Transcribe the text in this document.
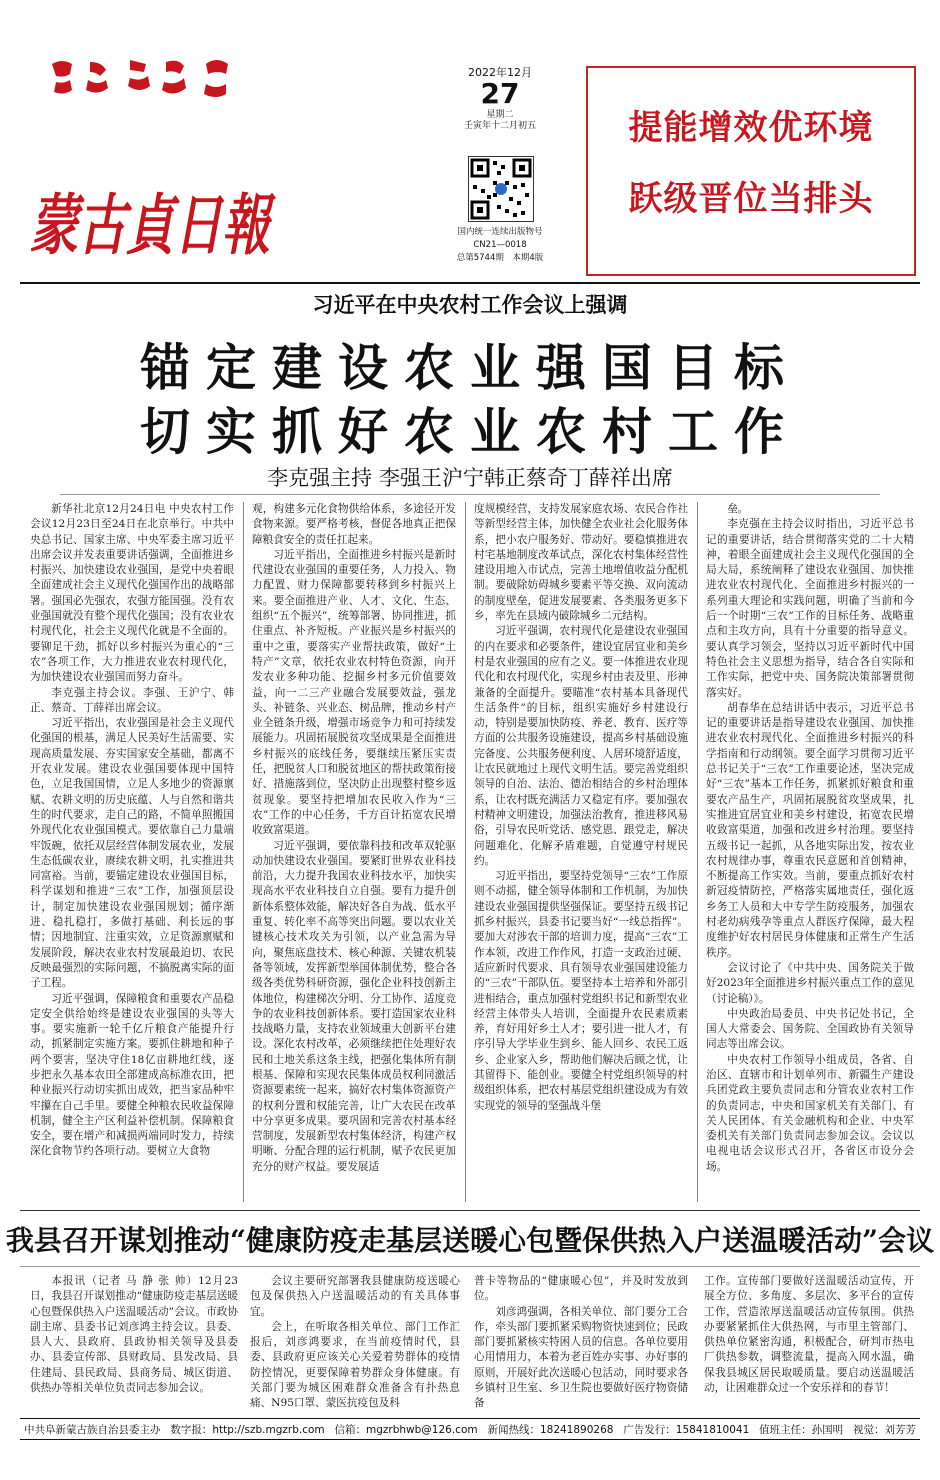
蒙古貞日報
2022年12月
27
星期二
壬寅年十二月初五
国内统一连续出版物号
CN21—0018
总第5744期　本期4版
提能增效优环境
跃级晋位当排头
习近平在中央农村工作会议上强调
锚定建设农业强国目标
切实抓好农业农村工作
李克强主持 李强王沪宁韩正蔡奇丁薛祥出席

新华社北京12月24日电 中央农村工作会议12月23日至24日在北京举行。中共中央总书记、国家主席、中央军委主席习近平出席会议并发表重要讲话强调，全面推进乡村振兴、加快建设农业强国，是党中央着眼全面建成社会主义现代化强国作出的战略部署。强国必先强农，农强方能国强。没有农业强国就没有整个现代化强国；没有农业农村现代化，社会主义现代化就是不全面的。要铆足干劲，抓好以乡村振兴为重心的“三农”各项工作，大力推进农业农村现代化，为加快建设农业强国而努力奋斗。

李克强主持会议。李强、王沪宁、韩正、蔡奇、丁薛祥出席会议。

习近平指出，农业强国是社会主义现代化强国的根基，满足人民美好生活需要、实现高质量发展、夯实国家安全基础，都离不开农业发展。建设农业强国要体现中国特色，立足我国国情，立足人多地少的资源禀赋、农耕文明的历史底蕴、人与自然和谐共生的时代要求，走自己的路，不简单照搬国外现代化农业强国模式。要依靠自己力量端牢饭碗，依托双层经营体制发展农业，发展生态低碳农业，赓续农耕文明，扎实推进共同富裕。当前，要锚定建设农业强国目标，科学谋划和推进“三农”工作，加强顶层设计，制定加快建设农业强国规划；循序渐进、稳扎稳打，多做打基础、利长远的事情；因地制宜、注重实效，立足资源禀赋和发展阶段，解决农业农村发展最迫切、农民反映最强烈的实际问题，不搞脱离实际的面子工程。

习近平强调，保障粮食和重要农产品稳定安全供给始终是建设农业强国的头等大事。要实施新一轮千亿斤粮食产能提升行动，抓紧制定实施方案。要抓住耕地和种子两个要害，坚决守住18亿亩耕地红线，逐步把永久基本农田全部建成高标准农田，把种业振兴行动切实抓出成效，把当家品种牢牢攥在自己手里。要健全种粮农民收益保障机制，健全主产区利益补偿机制。保障粮食安全，要在增产和减损两端同时发力，持续深化食物节约各项行动。要树立大食物

观，构建多元化食物供给体系，多途径开发食物来源。要严格考核，督促各地真正把保障粮食安全的责任扛起来。

习近平指出，全面推进乡村振兴是新时代建设农业强国的重要任务，人力投入、物力配置、财力保障都要转移到乡村振兴上来。要全面推进产业、人才、文化、生态、组织“五个振兴”，统筹部署、协同推进，抓住重点、补齐短板。产业振兴是乡村振兴的重中之重，要落实产业帮扶政策，做好“土特产”文章，依托农业农村特色资源，向开发农业多种功能、挖掘乡村多元价值要效益，向一二三产业融合发展要效益，强龙头、补链条、兴业态、树品牌，推动乡村产业全链条升级，增强市场竞争力和可持续发展能力。巩固拓展脱贫攻坚成果是全面推进乡村振兴的底线任务，要继续压紧压实责任，把脱贫人口和脱贫地区的帮扶政策衔接好、措施落到位，坚决防止出现整村整乡返贫现象。要坚持把增加农民收入作为“三农”工作的中心任务，千方百计拓宽农民增收致富渠道。

习近平强调，要依靠科技和改革双轮驱动加快建设农业强国。要紧盯世界农业科技前沿，大力提升我国农业科技水平，加快实现高水平农业科技自立自强。要有力提升创新体系整体效能，解决好各自为战、低水平重复、转化率不高等突出问题。要以农业关键核心技术攻关为引领，以产业急需为导向，聚焦底盘技术、核心种源、关键农机装备等领域，发挥新型举国体制优势，整合各级各类优势科研资源，强化企业科技创新主体地位，构建梯次分明、分工协作、适度竞争的农业科技创新体系。要打造国家农业科技战略力量，支持农业领域重大创新平台建设。深化农村改革，必须继续把住处理好农民和土地关系这条主线，把强化集体所有制根基、保障和实现农民集体成员权利同激活资源要素统一起来，搞好农村集体资源资产的权利分置和权能完善，让广大农民在改革中分享更多成果。要巩固和完善农村基本经营制度，发展新型农村集体经济，构建产权明晰、分配合理的运行机制，赋予农民更加充分的财产权益。要发展适

度规模经营，支持发展家庭农场、农民合作社等新型经营主体，加快健全农业社会化服务体系，把小农户服务好、带动好。要稳慎推进农村宅基地制度改革试点，深化农村集体经营性建设用地入市试点，完善土地增值收益分配机制。要破除妨碍城乡要素平等交换、双向流动的制度壁垒，促进发展要素、各类服务更多下乡，率先在县域内破除城乡二元结构。

习近平强调，农村现代化是建设农业强国的内在要求和必要条件，建设宜居宜业和美乡村是农业强国的应有之义。要一体推进农业现代化和农村现代化，实现乡村由表及里、形神兼备的全面提升。要瞄准“农村基本具备现代生活条件”的目标，组织实施好乡村建设行动，特别是要加快防疫、养老、教育、医疗等方面的公共服务设施建设，提高乡村基础设施完备度、公共服务便利度、人居环境舒适度，让农民就地过上现代文明生活。要完善党组织领导的自治、法治、德治相结合的乡村治理体系，让农村既充满活力又稳定有序。要加强农村精神文明建设，加强法治教育，推进移风易俗，引导农民听党话、感党恩、跟党走，解决问题难化、化解矛盾难题，自觉遵守村规民约。

习近平指出，要坚持党领导“三农”工作原则不动摇，健全领导体制和工作机制，为加快建设农业强国提供坚强保证。要坚持五级书记抓乡村振兴，县委书记要当好“一线总指挥”。要加大对涉农干部的培训力度，提高“三农”工作本领，改进工作作风，打造一支政治过硬、适应新时代要求、具有领导农业强国建设能力的“三农”干部队伍。要坚持本土培养和外部引进相结合，重点加强村党组织书记和新型农业经营主体带头人培训，全面提升农民素质素养，育好用好乡土人才；要引进一批人才，有序引导大学毕业生到乡、能人回乡、农民工返乡、企业家入乡，帮助他们解决后顾之忧，让其留得下、能创业。要健全村党组织领导的村级组织体系，把农村基层党组织建设成为有效实现党的领导的坚强战斗堡

垒。

李克强在主持会议时指出，习近平总书记的重要讲话，结合贯彻落实党的二十大精神，着眼全面建成社会主义现代化强国的全局大局，系统阐释了建设农业强国、加快推进农业农村现代化、全面推进乡村振兴的一系列重大理论和实践问题，明确了当前和今后一个时期“三农”工作的目标任务、战略重点和主攻方向，具有十分重要的指导意义。要认真学习领会，坚持以习近平新时代中国特色社会主义思想为指导，结合各自实际和工作实际，把党中央、国务院决策部署贯彻落实好。

胡春华在总结讲话中表示，习近平总书记的重要讲话是指导建设农业强国、加快推进农业农村现代化、全面推进乡村振兴的科学指南和行动纲领。要全面学习贯彻习近平总书记关于“三农”工作重要论述，坚决完成好“三农”基本工作任务，抓紧抓好粮食和重要农产品生产，巩固拓展脱贫攻坚成果，扎实推进宜居宜业和美乡村建设，拓宽农民增收致富渠道，加强和改进乡村治理。要坚持五级书记一起抓，从各地实际出发，按农业农村规律办事，尊重农民意愿和首创精神，不断提高工作实效。当前，要重点抓好农村新冠疫情防控，严格落实属地责任，强化返乡务工人员和大中专学生防疫服务，加强农村老幼病残孕等重点人群医疗保障，最大程度维护好农村居民身体健康和正常生产生活秩序。

会议讨论了《中共中央、国务院关于做好2023年全面推进乡村振兴重点工作的意见（讨论稿）》。

中央政治局委员、中央书记处书记，全国人大常委会、国务院、全国政协有关领导同志等出席会议。

中央农村工作领导小组成员，各省、自治区、直辖市和计划单列市、新疆生产建设兵团党政主要负责同志和分管农业农村工作的负责同志，中央和国家机关有关部门、有关人民团体、有关金融机构和企业、中央军委机关有关部门负责同志参加会议。会议以电视电话会议形式召开，各省区市设分会场。

我县召开谋划推动“健康防疫走基层送暖心包暨保供热入户送温暖活动”会议

本报讯（记者 马 静 张 帅）12月23日，我县召开谋划推动“健康防疫走基层送暖心包暨保供热入户送温暖活动”会议。市政协副主席、县委书记刘彦鸿主持会议。县委、县人大、县政府、县政协相关领导及县委办、县委宣传部、县财政局、县发改局、县住建局、县民政局、县商务局、城区街道、供热办等相关单位负责同志参加会议。

会议主要研究部署我县健康防疫送暖心包及保供热入户送温暖活动的有关具体事宜。

会上，在听取各相关单位、部门工作汇报后，刘彦鸿要求，在当前疫情时代，县委、县政府更应该关心关爱着势群体的疫情防控情况，更要保障着势群众身体健康。有关部门要为城区困难群众准备含有扑热息痛、N95口罩、蒙医抗疫包及科

普卡等物品的“健康暖心包”，并及时发放到位。

刘彦鸿强调，各相关单位、部门要分工合作，牵头部门要抓紧采购物资快速到位；民政部门要抓紧核实特困人员的信息。各单位要用心用情用力，本着为老百姓办实事、办好事的原则，开展好此次送暖心包活动，同时要求各乡镇村卫生室、乡卫生院也要做好医疗物资储备

工作。宣传部门要做好送温暖活动宣传，开展全方位、多角度、多层次、多平台的宣传工作，营造浓厚送温暖活动宣传氛围。供热办要紧紧抓住大供热网，与市里主管部门、供热单位紧密沟通，积极配合，研判市热电厂供热参数，调整流量，提高入网水温，确保我县城区居民取暖质量。要启动送温暖活动，让困难群众过一个安乐祥和的春节！

中共阜新蒙古族自治县委主办 数字报：http://szb.mgzrb.com 信箱：mgzrbhwb@126.com 新闻热线：18241890268 广告发行：15841810041 值班主任：孙国明 视觉：刘芳芳
